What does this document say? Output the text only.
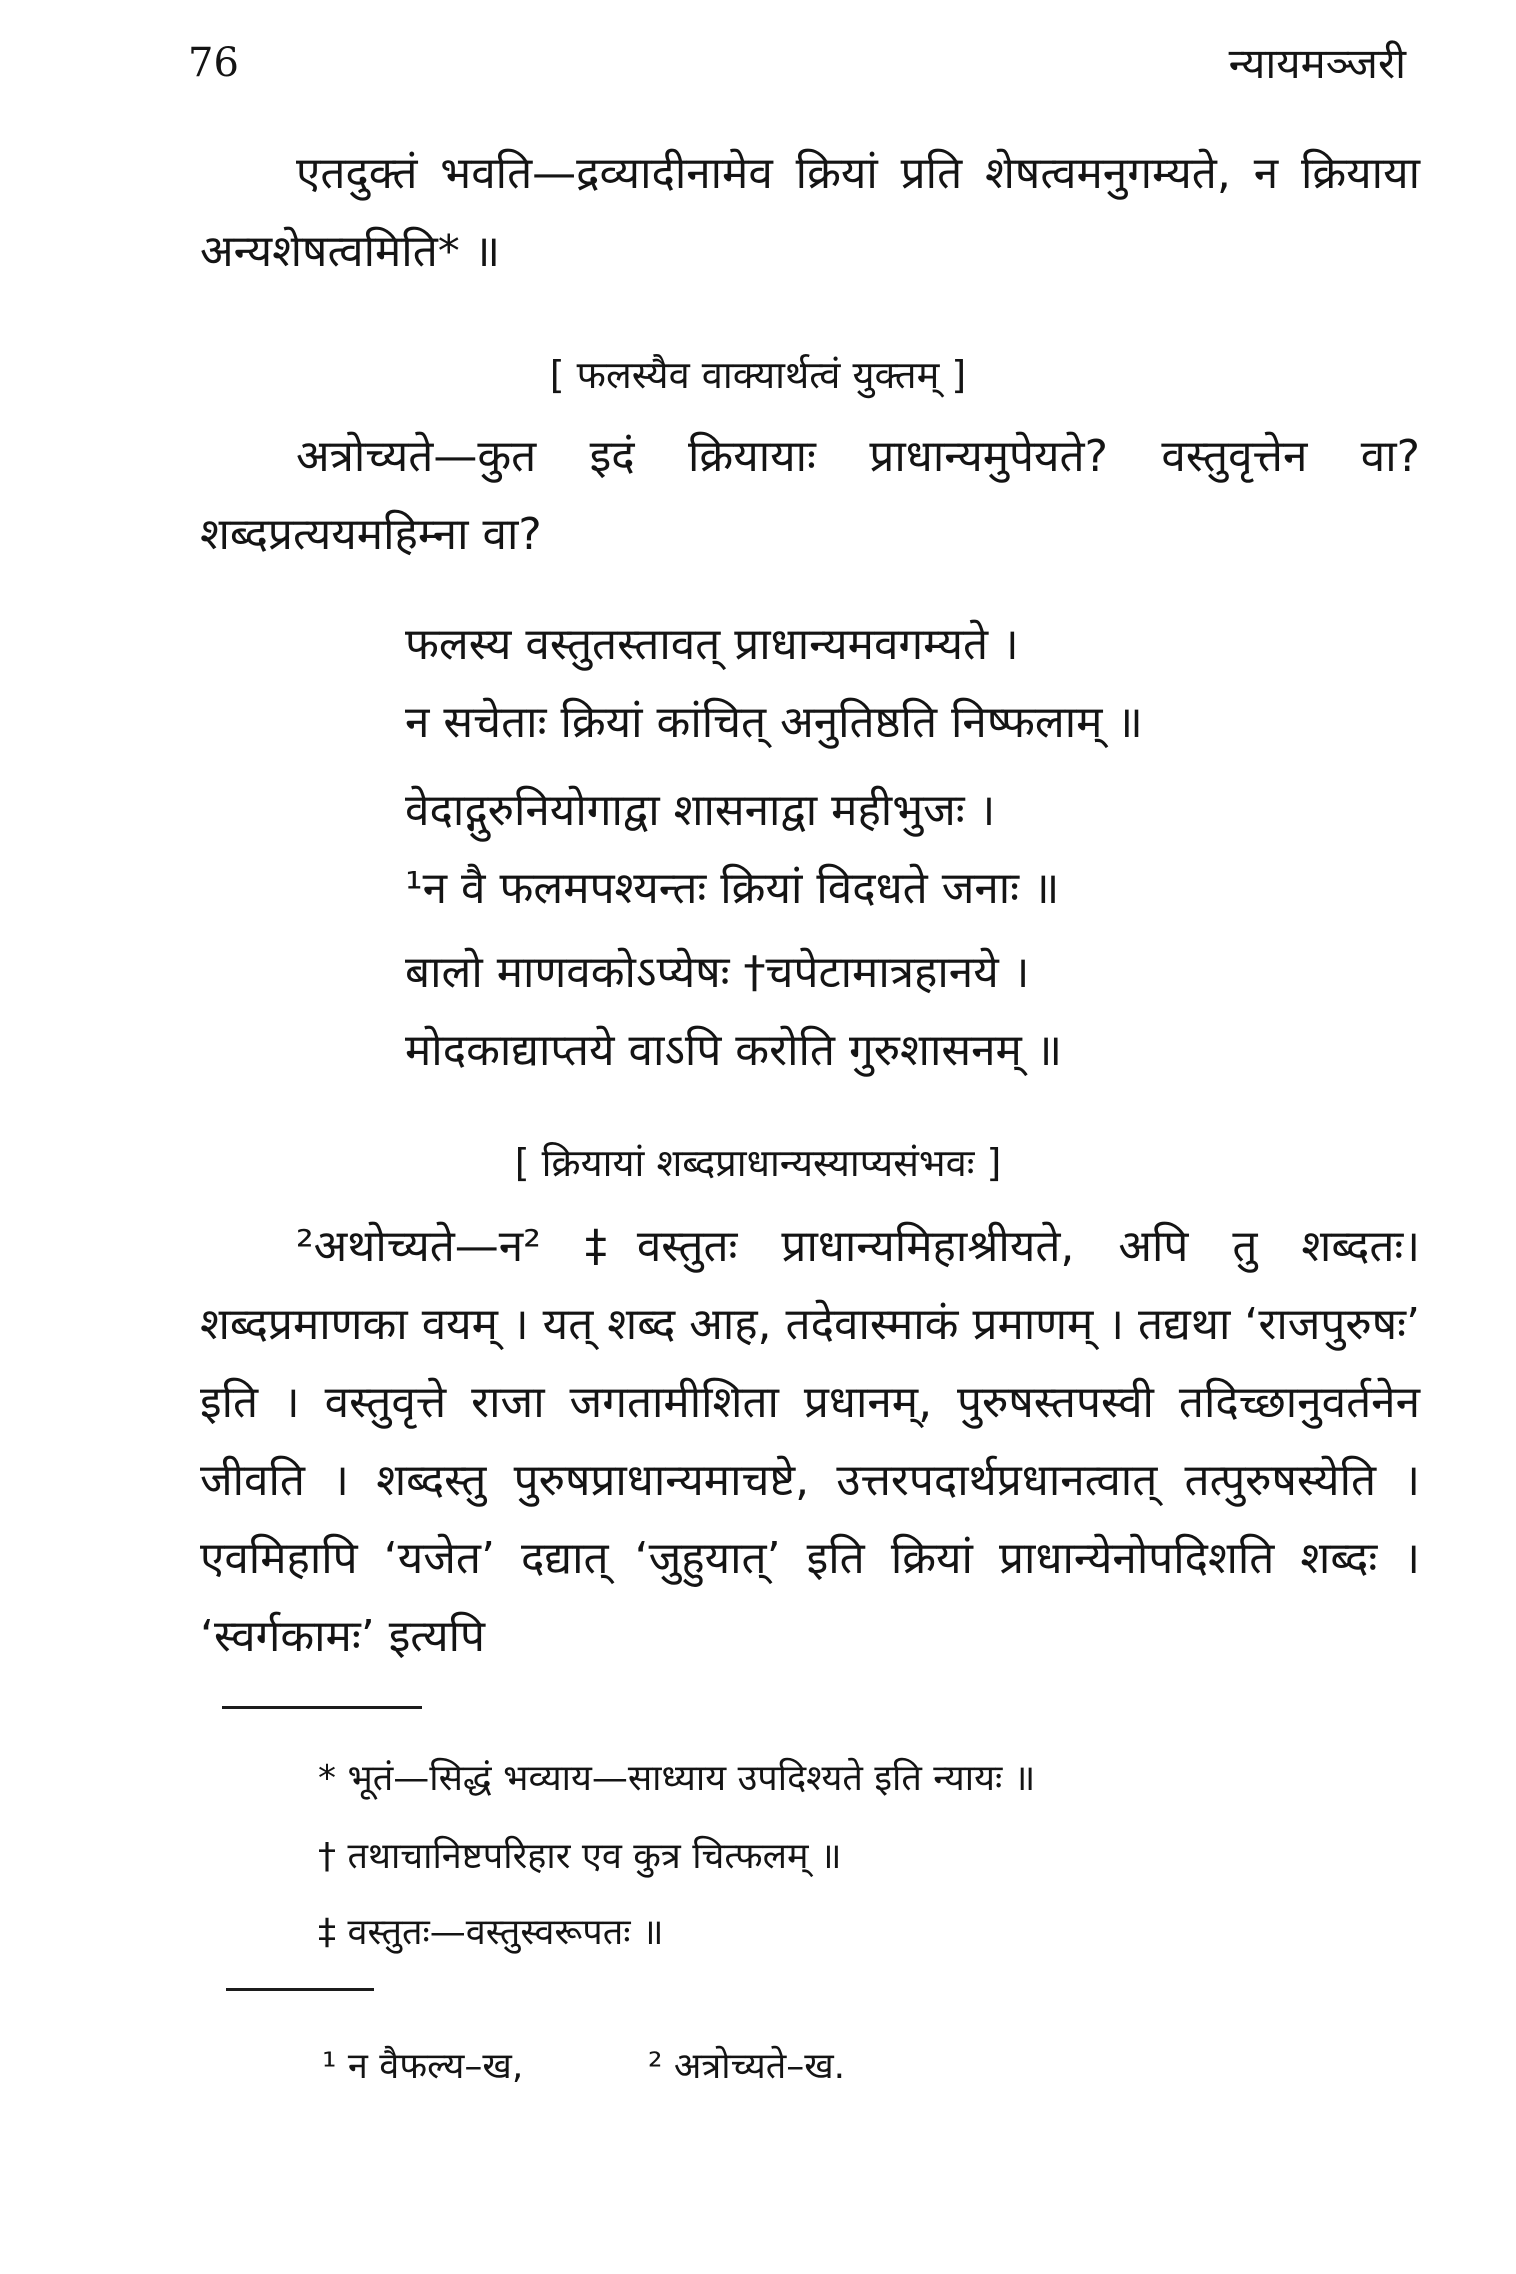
76	न्यायमञ्जरी
एतदुक्तं भवति—द्रव्यादीनामेव क्रियां प्रति शेषत्वमनुगम्यते, न क्रियाया अन्यशेषत्वमिति* ॥
[ फलस्यैव वाक्यार्थत्वं युक्तम् ]
अत्रोच्यते—कुत इदं क्रियायाः प्राधान्यमुपेयते? वस्तुवृत्तेन वा? शब्दप्रत्ययमहिम्ना वा?
फलस्य वस्तुतस्तावत् प्राधान्यमवगम्यते ।
न सचेताः क्रियां कांचित् अनुतिष्ठति निष्फलाम् ॥
वेदाद्गुरुनियोगाद्वा शासनाद्वा महीभुजः ।
¹न वै फलमपश्यन्तः क्रियां विदधते जनाः ॥
बालो माणवकोऽप्येषः †चपेटामात्रहानये ।
मोदकाद्याप्तये वाऽपि करोति गुरुशासनम् ॥
[ क्रियायां शब्दप्राधान्यस्याप्यसंभवः ]
²अथोच्यते—न² ‡वस्तुतः प्राधान्यमिहाश्रीयते, अपि तु शब्दतः। शब्दप्रमाणका वयम् । यत् शब्द आह, तदेवास्माकं प्रमाणम् । तद्यथा ‘राजपुरुषः’ इति । वस्तुवृत्ते राजा जगतामीशिता प्रधानम्, पुरुषस्तपस्वी तदिच्छानुवर्तनेन जीवति । शब्दस्तु पुरुषप्राधान्यमाचष्टे, उत्तरपदार्थप्रधानत्वात् तत्पुरुषस्येति । एवमिहापि ‘यजेत’ दद्यात् ‘जुहुयात्’ इति क्रियां प्राधान्येनोपदिशति शब्दः । ‘स्वर्गकामः’ इत्यपि
* भूतं—सिद्धं भव्याय—साध्याय उपदिश्यते इति न्यायः ॥
† तथाचानिष्टपरिहार एव कुत्र चित्फलम् ॥
‡ वस्तुतः—वस्तुस्वरूपतः ॥
¹ न वैफल्य–ख,	² अत्रोच्यते–ख.
